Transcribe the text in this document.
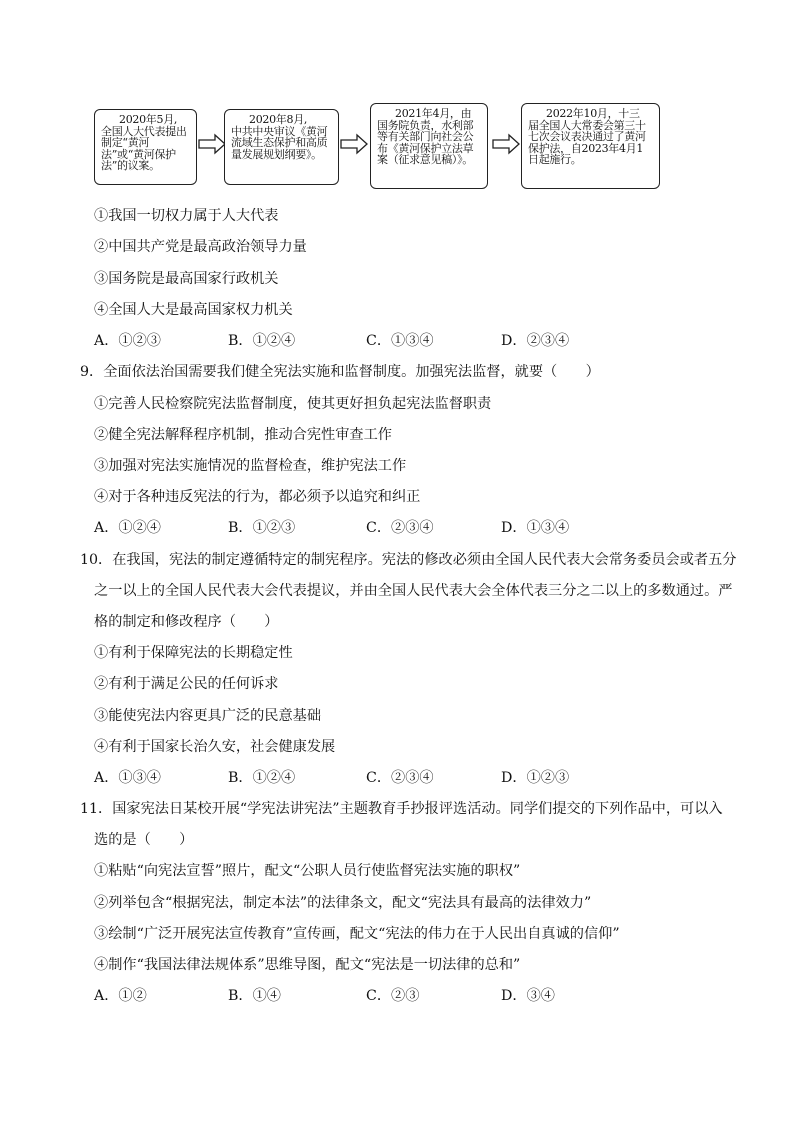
2020年5月,
全国人大代表提出制定“黄河法”或“黄河保护法”的议案。
2020年8月,
中共中央审议《黄河流域生态保护和高质量发展规划纲要》。
2021年4月，由
国务院负责，水利部等有关部门向社会公布《黄河保护立法草案（征求意见稿）》。
2022年10月，十三
届全国人大常委会第三十七次会议表决通过了黄河保护法，自2023年4月1日起施行。
①我国一切权力属于人大代表
②中国共产党是最高政治领导力量
③国务院是最高国家行政机关
④全国人大是最高国家权力机关
A．①②③	B．①②④	C．①③④	D．②③④
9．全面依法治国需要我们健全宪法实施和监督制度。加强宪法监督，就要（　　）
①完善人民检察院宪法监督制度，使其更好担负起宪法监督职责
②健全宪法解释程序机制，推动合宪性审查工作
③加强对宪法实施情况的监督检查，维护宪法工作
④对于各种违反宪法的行为，都必须予以追究和纠正
A．①②④	B．①②③	C．②③④	D．①③④
10．在我国，宪法的制定遵循特定的制宪程序。宪法的修改必须由全国人民代表大会常务委员会或者五分
之一以上的全国人民代表大会代表提议，并由全国人民代表大会全体代表三分之二以上的多数通过。严
格的制定和修改程序（　　）
①有利于保障宪法的长期稳定性
②有利于满足公民的任何诉求
③能使宪法内容更具广泛的民意基础
④有利于国家长治久安，社会健康发展
A．①③④	B．①②④	C．②③④	D．①②③
11．国家宪法日某校开展“学宪法讲宪法”主题教育手抄报评选活动。同学们提交的下列作品中，可以入
选的是（　　）
①粘贴“向宪法宣誓”照片，配文“公职人员行使监督宪法实施的职权”
②列举包含“根据宪法，制定本法”的法律条文，配文“宪法具有最高的法律效力”
③绘制“广泛开展宪法宣传教育”宣传画，配文“宪法的伟力在于人民出自真诚的信仰”
④制作“我国法律法规体系”思维导图，配文“宪法是一切法律的总和”
A．①②	B．①④	C．②③	D．③④
